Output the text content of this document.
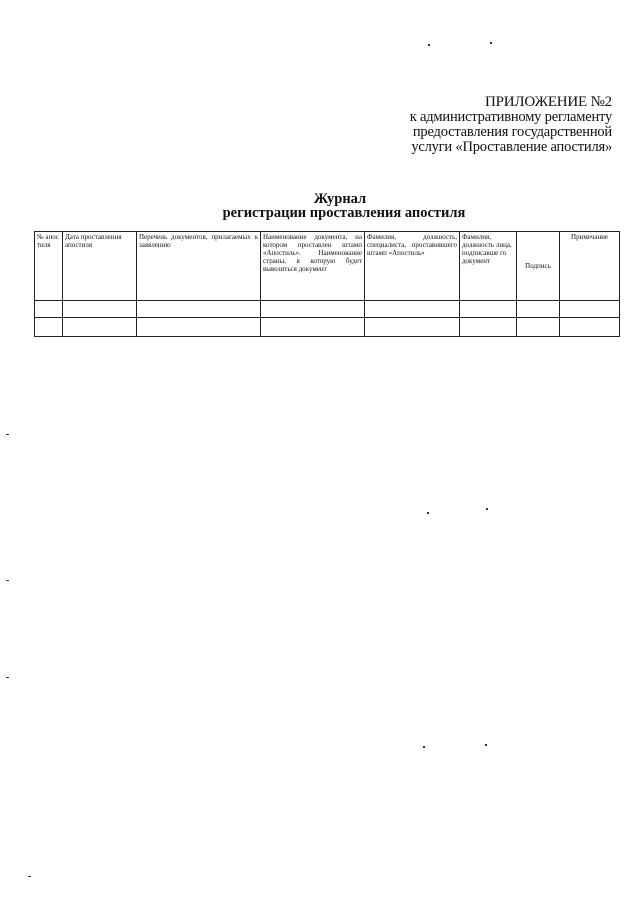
ПРИЛОЖЕНИЕ №2
к административному регламенту
предоставления государственной
услуги «Проставление апостиля»
Журнал
регистрации проставления апостиля
№ апос тиля	Дата проставления апостиля	Перечень документов, прилагаемых к заявлению	Наименование документа, на котором проставлен штамп «Апостиль». Наименование страны, в которую будет вывозиться документ	Фамилия, должность, специалиста, проставившего штамп «Апостиль»	Фамилия, должность лица, подписавше го документ	Подпись	Примечание
